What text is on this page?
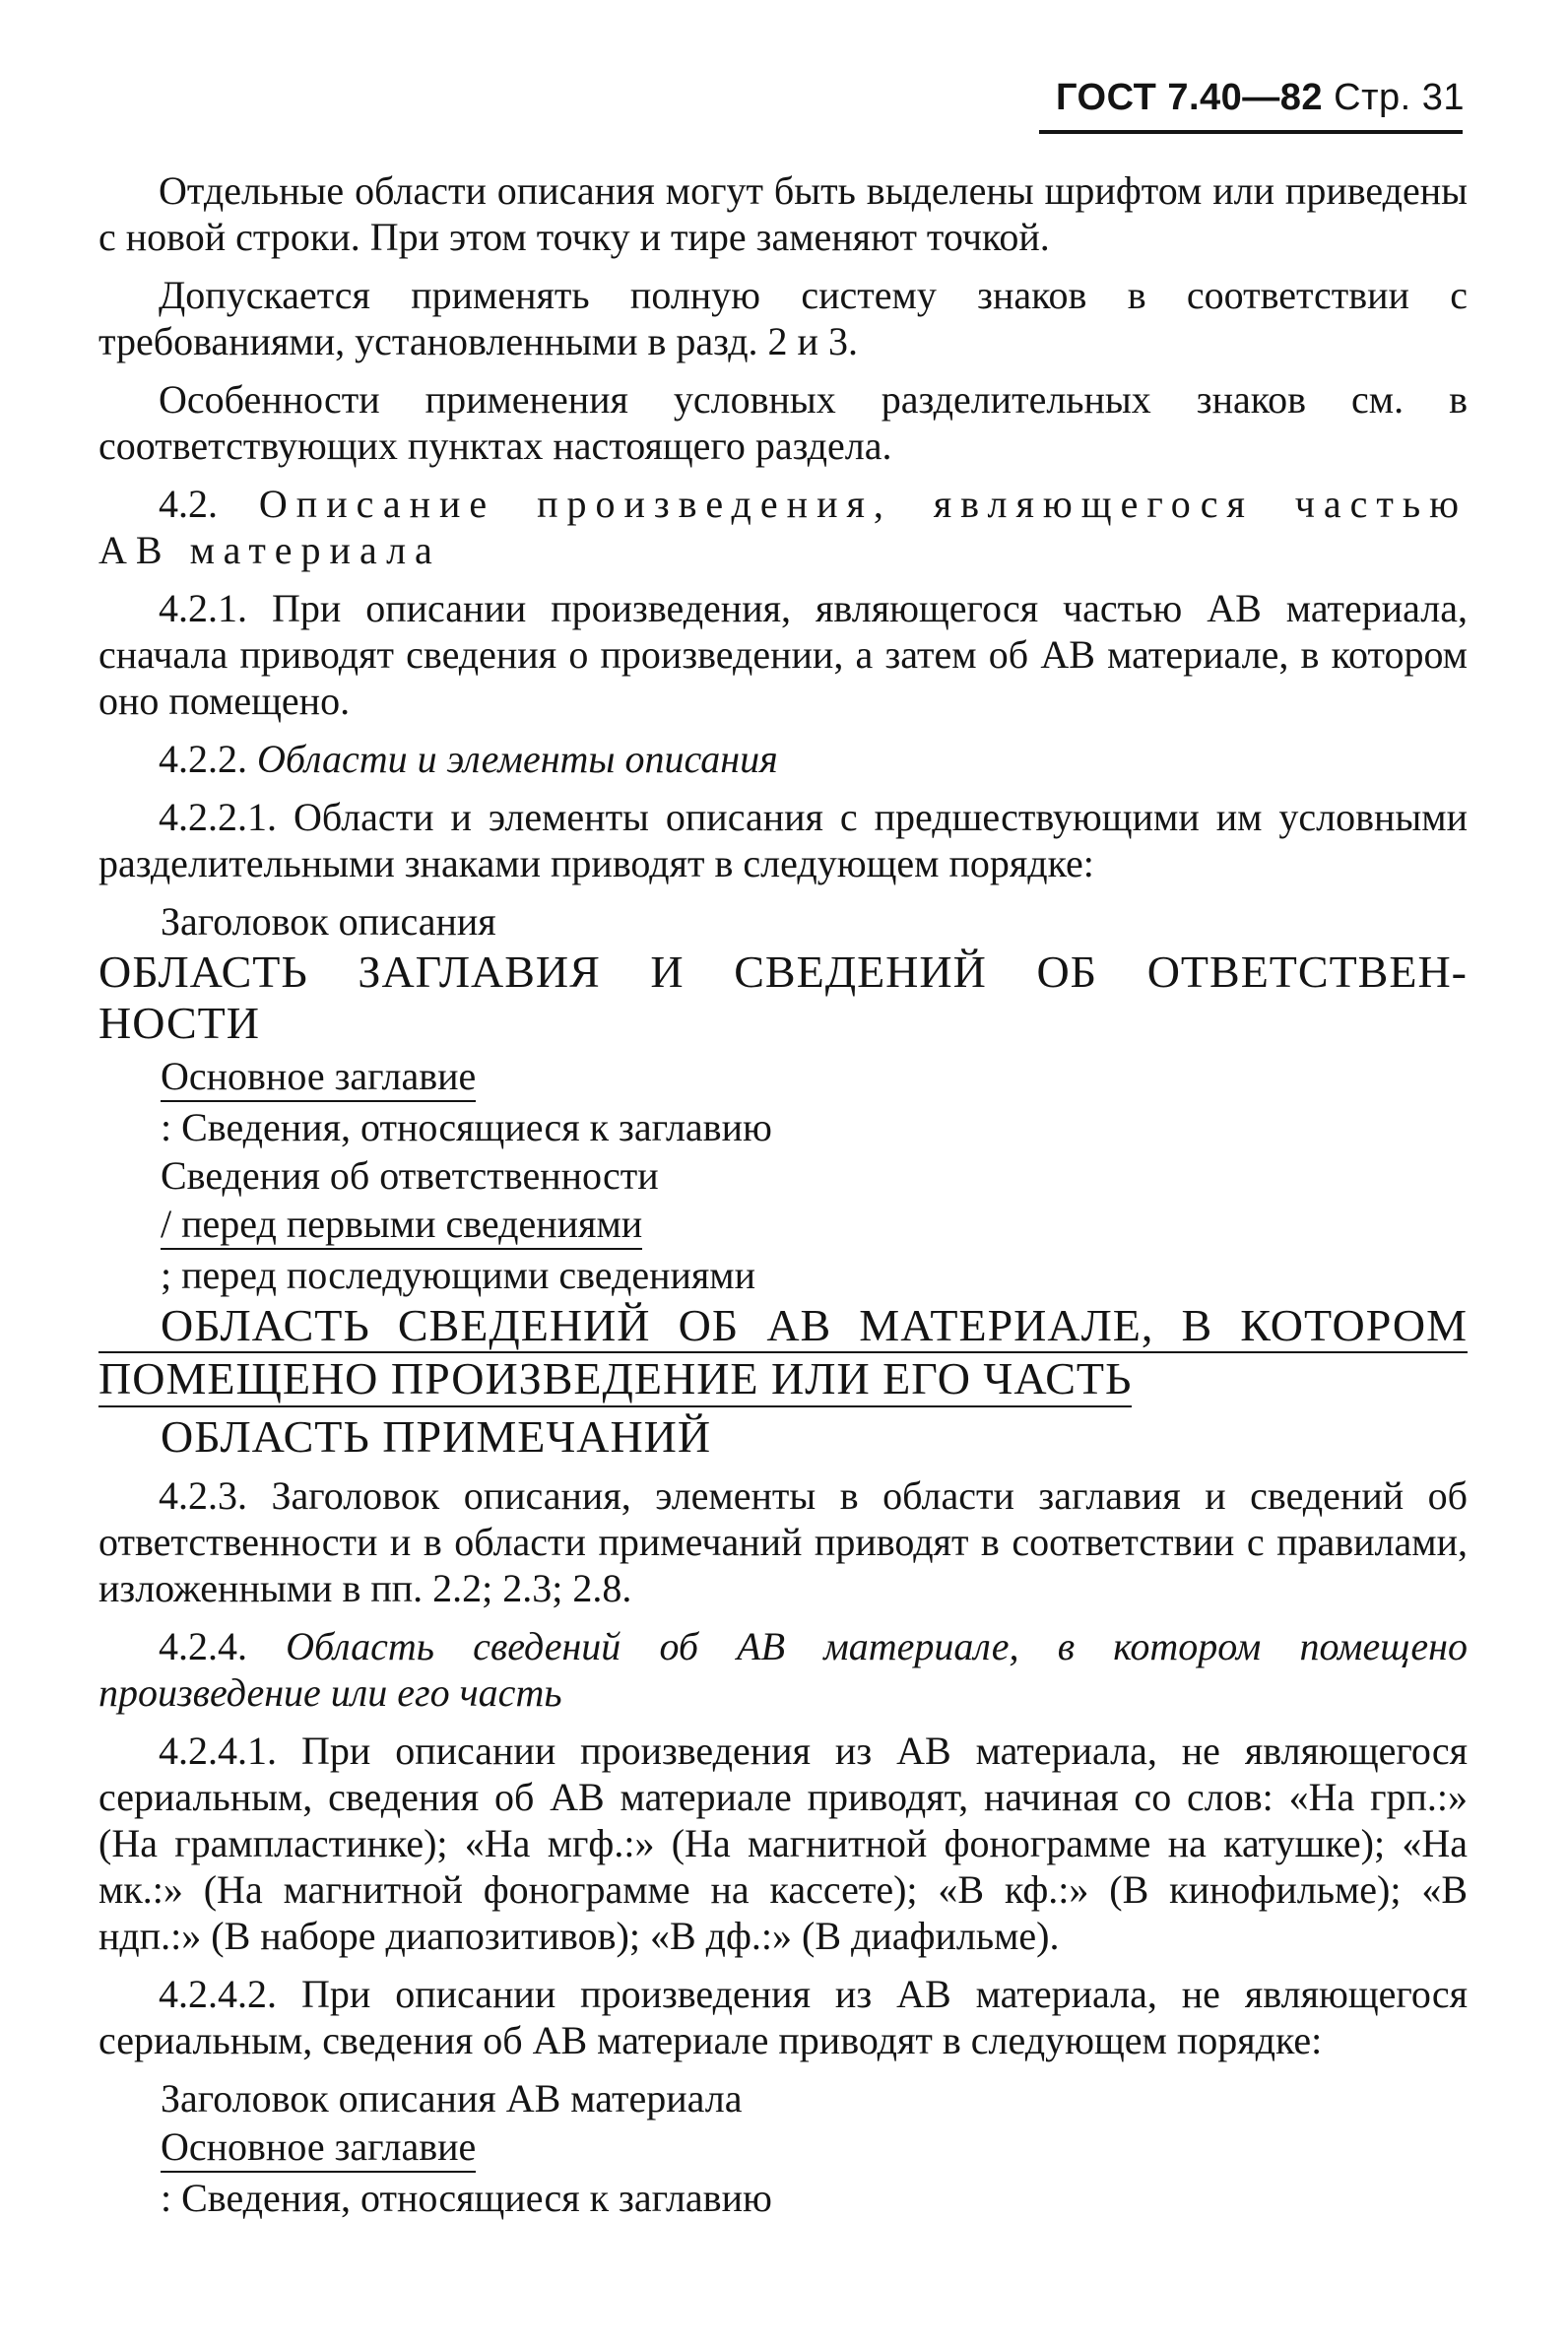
ГОСТ 7.40—82 Стр. 31

Отдельные области описания могут быть выделены шрифтом или приведены с новой строки. При этом точку и тире заменяют точкой.

Допускается применять полную систему знаков в соответствии с требованиями, установленными в разд. 2 и 3.

Особенности применения условных разделительных знаков см. в соответствующих пунктах настоящего раздела.

4.2. Описание произведения, являющегося частью АВ материала

4.2.1. При описании произведения, являющегося частью АВ материала, сначала приводят сведения о произведении, а затем об АВ материале, в котором оно помещено.

4.2.2. Области и элементы описания

4.2.2.1. Области и элементы описания с предшествующими им условными разделительными знаками приводят в следующем порядке:

Заголовок описания
ОБЛАСТЬ ЗАГЛАВИЯ И СВЕДЕНИЙ ОБ ОТВЕТСТВЕН-
НОСТИ
Основное заглавие
: Сведения, относящиеся к заглавию
Сведения об ответственности
/ перед первыми сведениями
; перед последующими сведениями
ОБЛАСТЬ СВЕДЕНИЙ ОБ АВ МАТЕРИАЛЕ, В КОТОРОМ
ПОМЕЩЕНО ПРОИЗВЕДЕНИЕ ИЛИ ЕГО ЧАСТЬ
ОБЛАСТЬ ПРИМЕЧАНИЙ

4.2.3. Заголовок описания, элементы в области заглавия и сведений об ответственности и в области примечаний приводят в соответствии с правилами, изложенными в пп. 2.2; 2.3; 2.8.

4.2.4. Область сведений об АВ материале, в котором помещено произведение или его часть

4.2.4.1. При описании произведения из АВ материала, не являющегося сериальным, сведения об АВ материале приводят, начиная со слов: «На грп.:» (На грампластинке); «На мгф.:» (На магнитной фонограмме на катушке); «На мк.:» (На магнитной фонограмме на кассете); «В кф.:» (В кинофильме); «В ндп.:» (В наборе диапозитивов); «В дф.:» (В диафильме).

4.2.4.2. При описании произведения из АВ материала, не являющегося сериальным, сведения об АВ материале приводят в следующем порядке:

Заголовок описания АВ материала
Основное заглавие
: Сведения, относящиеся к заглавию
